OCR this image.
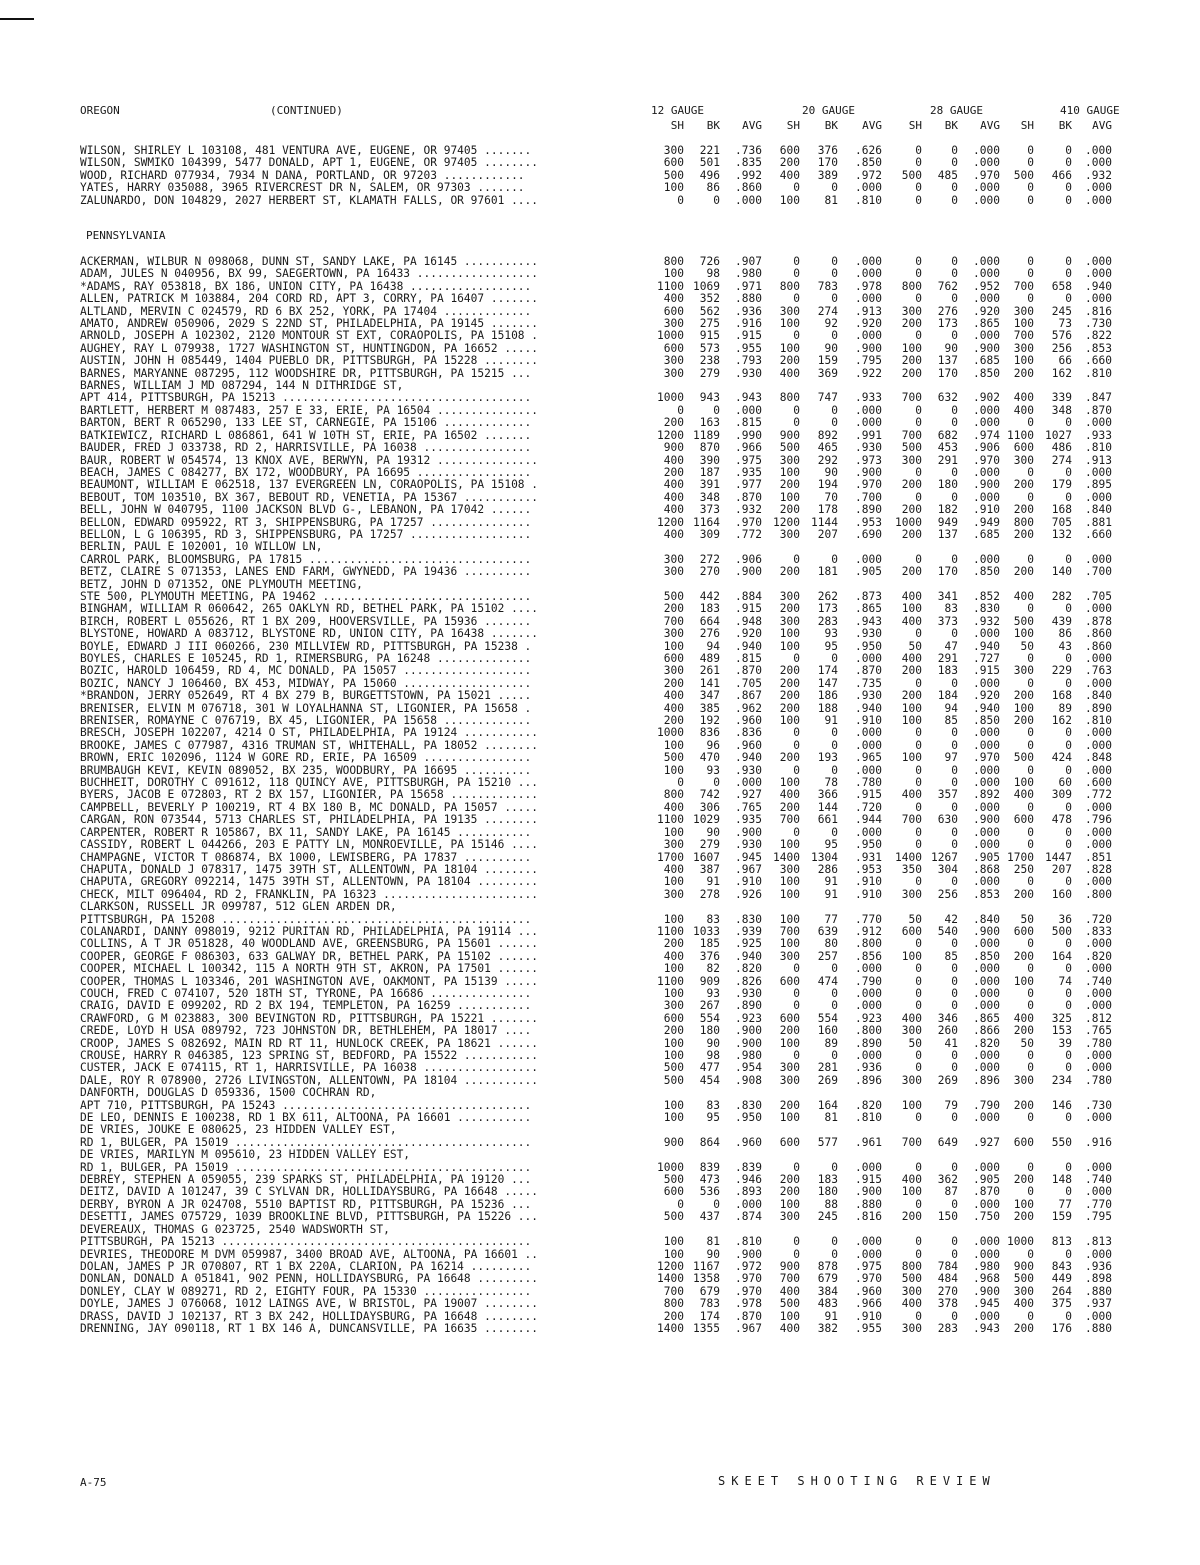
OREGON	(CONTINUED)	12 GAUGE	20 GAUGE	28 GAUGE	410 GAUGE
SH	BK	AVG	SH	BK	AVG	SH	BK	AVG	SH	BK	AVG
WILSON, SHIRLEY L 103108, 481 VENTURA AVE, EUGENE, OR 97405 .......	300	221	.736	600	376	.626	0	0	.000	0	0	.000
WILSON, SWMIKO 104399, 5477 DONALD, APT 1, EUGENE, OR 97405 ........	600	501	.835	200	170	.850	0	0	.000	0	0	.000
WOOD, RICHARD 077934, 7934 N DANA, PORTLAND, OR 97203 ............	500	496	.992	400	389	.972	500	485	.970	500	466	.932
YATES, HARRY 035088, 3965 RIVERCREST DR N, SALEM, OR 97303 .......	100	86	.860	0	0	.000	0	0	.000	0	0	.000
ZALUNARDO, DON 104829, 2027 HERBERT ST, KLAMATH FALLS, OR 97601 ....	0	0	.000	100	81	.810	0	0	.000	0	0	.000
PENNSYLVANIA
ACKERMAN, WILBUR N 098068, DUNN ST, SANDY LAKE, PA 16145 ...........	800	726	.907	0	0	.000	0	0	.000	0	0	.000
ADAM, JULES N 040956, BX 99, SAEGERTOWN, PA 16433 ..................	100	98	.980	0	0	.000	0	0	.000	0	0	.000
*ADAMS, RAY 053818, BX 186, UNION CITY, PA 16438 ..................	1100	1069	.971	800	783	.978	800	762	.952	700	658	.940
ALLEN, PATRICK M 103884, 204 CORD RD, APT 3, CORRY, PA 16407 .......	400	352	.880	0	0	.000	0	0	.000	0	0	.000
ALTLAND, MERVIN C 024579, RD 6 BX 252, YORK, PA 17404 .............	600	562	.936	300	274	.913	300	276	.920	300	245	.816
AMATO, ANDREW 050906, 2029 S 22ND ST, PHILADELPHIA, PA 19145 .......	300	275	.916	100	92	.920	200	173	.865	100	73	.730
ARNOLD, JOSEPH A 102302, 2120 MONTOUR ST EXT, CORAOPOLIS, PA 15108 .	1000	915	.915	0	0	.000	0	0	.000	700	576	.822
AUGHEY, RAY L 079938, 1727 WASHINGTON ST, HUNTINGDON, PA 16652 .....	600	573	.955	100	90	.900	100	90	.900	300	256	.853
AUSTIN, JOHN H 085449, 1404 PUEBLO DR, PITTSBURGH, PA 15228 ........	300	238	.793	200	159	.795	200	137	.685	100	66	.660
BARNES, MARYANNE 087295, 112 WOODSHIRE DR, PITTSBURGH, PA 15215 ...	300	279	.930	400	369	.922	200	170	.850	200	162	.810
BARNES, WILLIAM J MD 087294, 144 N DITHRIDGE ST,												
APT 414, PITTSBURGH, PA 15213 .....................................	1000	943	.943	800	747	.933	700	632	.902	400	339	.847
BARTLETT, HERBERT M 087483, 257 E 33, ERIE, PA 16504 ...............	0	0	.000	0	0	.000	0	0	.000	400	348	.870
BARTON, BERT R 065290, 133 LEE ST, CARNEGIE, PA 15106 .............	200	163	.815	0	0	.000	0	0	.000	0	0	.000
BATKIEWICZ, RICHARD L 086861, 641 W 10TH ST, ERIE, PA 16502 .......	1200	1189	.990	900	892	.991	700	682	.974	1100	1027	.933
BAUDER, FRED J 033738, RD 2, HARRISVILLE, PA 16038 ................	900	870	.966	500	465	.930	500	453	.906	600	486	.810
BAUR, ROBERT W 054574, 13 KNOX AVE, BERWYN, PA 19312 ...............	400	390	.975	300	292	.973	300	291	.970	300	274	.913
BEACH, JAMES C 084277, BX 172, WOODBURY, PA 16695 .................	200	187	.935	100	90	.900	0	0	.000	0	0	.000
BEAUMONT, WILLIAM E 062518, 137 EVERGREEN LN, CORAOPOLIS, PA 15108 .	400	391	.977	200	194	.970	200	180	.900	200	179	.895
BEBOUT, TOM 103510, BX 367, BEBOUT RD, VENETIA, PA 15367 ...........	400	348	.870	100	70	.700	0	0	.000	0	0	.000
BELL, JOHN W 040795, 1100 JACKSON BLVD G-, LEBANON, PA 17042 ......	400	373	.932	200	178	.890	200	182	.910	200	168	.840
BELLON, EDWARD 095922, RT 3, SHIPPENSBURG, PA 17257 ...............	1200	1164	.970	1200	1144	.953	1000	949	.949	800	705	.881
BELLON, L G 106395, RD 3, SHIPPENSBURG, PA 17257 ..................	400	309	.772	300	207	.690	200	137	.685	200	132	.660
BERLIN, PAUL E 102001, 10 WILLOW LN,												
CARROL PARK, BLOOMSBURG, PA 17815 .................................	300	272	.906	0	0	.000	0	0	.000	0	0	.000
BETZ, CLAIRE S 071353, LANES END FARM, GWYNEDD, PA 19436 ..........	300	270	.900	200	181	.905	200	170	.850	200	140	.700
BETZ, JOHN D 071352, ONE PLYMOUTH MEETING,												
STE 500, PLYMOUTH MEETING, PA 19462 ...............................	500	442	.884	300	262	.873	400	341	.852	400	282	.705
BINGHAM, WILLIAM R 060642, 265 OAKLYN RD, BETHEL PARK, PA 15102 ....	200	183	.915	200	173	.865	100	83	.830	0	0	.000
BIRCH, ROBERT L 055626, RT 1 BX 209, HOOVERSVILLE, PA 15936 .......	700	664	.948	300	283	.943	400	373	.932	500	439	.878
BLYSTONE, HOWARD A 083712, BLYSTONE RD, UNION CITY, PA 16438 .......	300	276	.920	100	93	.930	0	0	.000	100	86	.860
BOYLE, EDWARD J III 060266, 230 MILLVIEW RD, PITTSBURGH, PA 15238 .	100	94	.940	100	95	.950	50	47	.940	50	43	.860
BOYLES, CHARLES E 105245, RD 1, RIMERSBURG, PA 16248 ..............	600	489	.815	0	0	.000	400	291	.727	0	0	.000
BOZIC, HAROLD 106459, RD 4, MC DONALD, PA 15057 ...................	300	261	.870	200	174	.870	200	183	.915	300	229	.763
BOZIC, NANCY J 106460, BX 453, MIDWAY, PA 15060 ...................	200	141	.705	200	147	.735	0	0	.000	0	0	.000
*BRANDON, JERRY 052649, RT 4 BX 279 B, BURGETTSTOWN, PA 15021 .....	400	347	.867	200	186	.930	200	184	.920	200	168	.840
BRENISER, ELVIN M 076718, 301 W LOYALHANNA ST, LIGONIER, PA 15658 .	400	385	.962	200	188	.940	100	94	.940	100	89	.890
BRENISER, ROMAYNE C 076719, BX 45, LIGONIER, PA 15658 .............	200	192	.960	100	91	.910	100	85	.850	200	162	.810
BRESCH, JOSEPH 102207, 4214 O ST, PHILADELPHIA, PA 19124 ...........	1000	836	.836	0	0	.000	0	0	.000	0	0	.000
BROOKE, JAMES C 077987, 4316 TRUMAN ST, WHITEHALL, PA 18052 ........	100	96	.960	0	0	.000	0	0	.000	0	0	.000
BROWN, ERIC 102096, 1124 W GORE RD, ERIE, PA 16509 ................	500	470	.940	200	193	.965	100	97	.970	500	424	.848
BRUMBAUGH KEVI, KEVIN 089052, BX 235, WOODBURY, PA 16695 ..........	100	93	.930	0	0	.000	0	0	.000	0	0	.000
BUCHHEIT, DOROTHY C 091612, 118 QUINCY AVE, PITTSBURGH, PA 15210 ...	0	0	.000	100	78	.780	0	0	.000	100	60	.600
BYERS, JACOB E 072803, RT 2 BX 157, LIGONIER, PA 15658 .............	800	742	.927	400	366	.915	400	357	.892	400	309	.772
CAMPBELL, BEVERLY P 100219, RT 4 BX 180 B, MC DONALD, PA 15057 .....	400	306	.765	200	144	.720	0	0	.000	0	0	.000
CARGAN, RON 073544, 5713 CHARLES ST, PHILADELPHIA, PA 19135 ........	1100	1029	.935	700	661	.944	700	630	.900	600	478	.796
CARPENTER, ROBERT R 105867, BX 11, SANDY LAKE, PA 16145 ...........	100	90	.900	0	0	.000	0	0	.000	0	0	.000
CASSIDY, ROBERT L 044266, 203 E PATTY LN, MONROEVILLE, PA 15146 ....	300	279	.930	100	95	.950	0	0	.000	0	0	.000
CHAMPAGNE, VICTOR T 086874, BX 1000, LEWISBERG, PA 17837 ..........	1700	1607	.945	1400	1304	.931	1400	1267	.905	1700	1447	.851
CHAPUTA, DONALD J 078317, 1475 39TH ST, ALLENTOWN, PA 18104 ........	400	387	.967	300	286	.953	350	304	.868	250	207	.828
CHAPUTA, GREGORY 092214, 1475 39TH ST, ALLENTOWN, PA 18104 .........	100	91	.910	100	91	.910	0	0	.000	0	0	.000
CHECK, MILT 096404, RD 2, FRANKLIN, PA 16323 .......................	300	278	.926	100	91	.910	300	256	.853	200	160	.800
CLARKSON, RUSSELL JR 099787, 512 GLEN ARDEN DR,												
PITTSBURGH, PA 15208 ..............................................	100	83	.830	100	77	.770	50	42	.840	50	36	.720
COLANARDI, DANNY 098019, 9212 PURITAN RD, PHILADELPHIA, PA 19114 ...	1100	1033	.939	700	639	.912	600	540	.900	600	500	.833
COLLINS, A T JR 051828, 40 WOODLAND AVE, GREENSBURG, PA 15601 ......	200	185	.925	100	80	.800	0	0	.000	0	0	.000
COOPER, GEORGE F 086303, 633 GALWAY DR, BETHEL PARK, PA 15102 ......	400	376	.940	300	257	.856	100	85	.850	200	164	.820
COOPER, MICHAEL L 100342, 115 A NORTH 9TH ST, AKRON, PA 17501 ......	100	82	.820	0	0	.000	0	0	.000	0	0	.000
COOPER, THOMAS L 103346, 201 WASHINGTON AVE, OAKMONT, PA 15139 .....	1100	909	.826	600	474	.790	0	0	.000	100	74	.740
COUCH, FRED C 074107, 520 18TH ST, TYRONE, PA 16686 ...............	100	93	.930	0	0	.000	0	0	.000	0	0	.000
CRAIG, DAVID E 099202, RD 2 BX 194, TEMPLETON, PA 16259 ...........	300	267	.890	0	0	.000	0	0	.000	0	0	.000
CRAWFORD, G M 023883, 300 BEVINGTON RD, PITTSBURGH, PA 15221 .......	600	554	.923	600	554	.923	400	346	.865	400	325	.812
CREDE, LOYD H USA 089792, 723 JOHNSTON DR, BETHLEHEM, PA 18017 ....	200	180	.900	200	160	.800	300	260	.866	200	153	.765
CROOP, JAMES S 082692, MAIN RD RT 11, HUNLOCK CREEK, PA 18621 ......	100	90	.900	100	89	.890	50	41	.820	50	39	.780
CROUSE, HARRY R 046385, 123 SPRING ST, BEDFORD, PA 15522 ...........	100	98	.980	0	0	.000	0	0	.000	0	0	.000
CUSTER, JACK E 074115, RT 1, HARRISVILLE, PA 16038 .................	500	477	.954	300	281	.936	0	0	.000	0	0	.000
DALE, ROY R 078900, 2726 LIVINGSTON, ALLENTOWN, PA 18104 ...........	500	454	.908	300	269	.896	300	269	.896	300	234	.780
DANFORTH, DOUGLAS D 059336, 1500 COCHRAN RD,												
APT 710, PITTSBURGH, PA 15243 .....................................	100	83	.830	200	164	.820	100	79	.790	200	146	.730
DE LEO, DENNIS E 100238, RD 1 BX 611, ALTOONA, PA 16601 ...........	100	95	.950	100	81	.810	0	0	.000	0	0	.000
DE VRIES, JOUKE E 080625, 23 HIDDEN VALLEY EST,												
RD 1, BULGER, PA 15019 ............................................	900	864	.960	600	577	.961	700	649	.927	600	550	.916
DE VRIES, MARILYN M 095610, 23 HIDDEN VALLEY EST,												
RD 1, BULGER, PA 15019 ............................................	1000	839	.839	0	0	.000	0	0	.000	0	0	.000
DEBREY, STEPHEN A 059055, 239 SPARKS ST, PHILADELPHIA, PA 19120 ...	500	473	.946	200	183	.915	400	362	.905	200	148	.740
DEITZ, DAVID A 101247, 39 C SYLVAN DR, HOLLIDAYSBURG, PA 16648 .....	600	536	.893	200	180	.900	100	87	.870	0	0	.000
DERBY, BYRON A JR 024708, 5510 BAPTIST RD, PITTSBURGH, PA 15236 ...	0	0	.000	100	88	.880	0	0	.000	100	77	.770
DESETTI, JAMES 075729, 1039 BROOKLINE BLVD, PITTSBURGH, PA 15226 ...	500	437	.874	300	245	.816	200	150	.750	200	159	.795
DEVEREAUX, THOMAS G 023725, 2540 WADSWORTH ST,												
PITTSBURGH, PA 15213 ..............................................	100	81	.810	0	0	.000	0	0	.000	1000	813	.813
DEVRIES, THEODORE M DVM 059987, 3400 BROAD AVE, ALTOONA, PA 16601 ..	100	90	.900	0	0	.000	0	0	.000	0	0	.000
DOLAN, JAMES P JR 070807, RT 1 BX 220A, CLARION, PA 16214 .........	1200	1167	.972	900	878	.975	800	784	.980	900	843	.936
DONLAN, DONALD A 051841, 902 PENN, HOLLIDAYSBURG, PA 16648 .........	1400	1358	.970	700	679	.970	500	484	.968	500	449	.898
DONLEY, CLAY W 089271, RD 2, EIGHTY FOUR, PA 15330 ................	700	679	.970	400	384	.960	300	270	.900	300	264	.880
DOYLE, JAMES J 076068, 1012 LAINGS AVE, W BRISTOL, PA 19007 ........	800	783	.978	500	483	.966	400	378	.945	400	375	.937
DRASS, DAVID J 102137, RT 3 BX 242, HOLLIDAYSBURG, PA 16648 ........	200	174	.870	100	91	.910	0	0	.000	0	0	.000
DRENNING, JAY 090118, RT 1 BX 146 A, DUNCANSVILLE, PA 16635 ........	1400	1355	.967	400	382	.955	300	283	.943	200	176	.880
A-75	SKEET SHOOTING REVIEW
